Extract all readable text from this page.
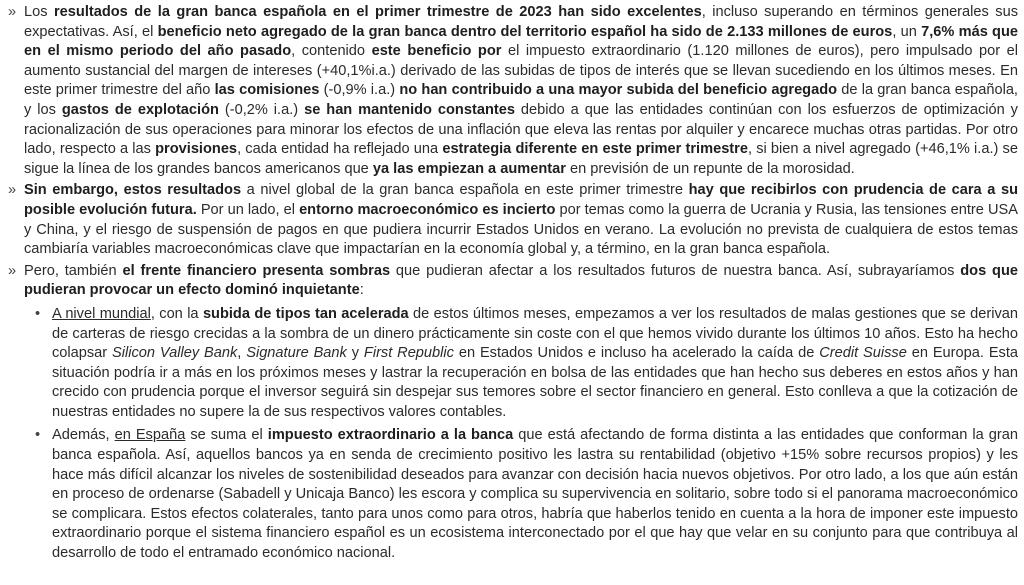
» Los resultados de la gran banca española en el primer trimestre de 2023 han sido excelentes, incluso superando en términos generales sus expectativas. Así, el beneficio neto agregado de la gran banca dentro del territorio español ha sido de 2.133 millones de euros, un 7,6% más que en el mismo periodo del año pasado, contenido este beneficio por el impuesto extraordinario (1.120 millones de euros), pero impulsado por el aumento sustancial del margen de intereses (+40,1%i.a.) derivado de las subidas de tipos de interés que se llevan sucediendo en los últimos meses. En este primer trimestre del año las comisiones (-0,9% i.a.) no han contribuido a una mayor subida del beneficio agregado de la gran banca española, y los gastos de explotación (-0,2% i.a.) se han mantenido constantes debido a que las entidades continúan con los esfuerzos de optimización y racionalización de sus operaciones para minorar los efectos de una inflación que eleva las rentas por alquiler y encarece muchas otras partidas. Por otro lado, respecto a las provisiones, cada entidad ha reflejado una estrategia diferente en este primer trimestre, si bien a nivel agregado (+46,1% i.a.) se sigue la línea de los grandes bancos americanos que ya las empiezan a aumentar en previsión de un repunte de la morosidad.

» Sin embargo, estos resultados a nivel global de la gran banca española en este primer trimestre hay que recibirlos con prudencia de cara a su posible evolución futura. Por un lado, el entorno macroeconómico es incierto por temas como la guerra de Ucrania y Rusia, las tensiones entre USA y China, y el riesgo de suspensión de pagos en que pudiera incurrir Estados Unidos en verano. La evolución no prevista de cualquiera de estos temas cambiaría variables macroeconómicas clave que impactarían en la economía global y, a término, en la gran banca española.

» Pero, también el frente financiero presenta sombras que pudieran afectar a los resultados futuros de nuestra banca. Así, subrayaríamos dos que pudieran provocar un efecto dominó inquietante:

• A nivel mundial, con la subida de tipos tan acelerada de estos últimos meses, empezamos a ver los resultados de malas gestiones que se derivan de carteras de riesgo crecidas a la sombra de un dinero prácticamente sin coste con el que hemos vivido durante los últimos 10 años. Esto ha hecho colapsar Silicon Valley Bank, Signature Bank y First Republic en Estados Unidos e incluso ha acelerado la caída de Credit Suisse en Europa. Esta situación podría ir a más en los próximos meses y lastrar la recuperación en bolsa de las entidades que han hecho sus deberes en estos años y han crecido con prudencia porque el inversor seguirá sin despejar sus temores sobre el sector financiero en general. Esto conlleva a que la cotización de nuestras entidades no supere la de sus respectivos valores contables.

• Además, en España se suma el impuesto extraordinario a la banca que está afectando de forma distinta a las entidades que conforman la gran banca española. Así, aquellos bancos ya en senda de crecimiento positivo les lastra su rentabilidad (objetivo +15% sobre recursos propios) y les hace más difícil alcanzar los niveles de sostenibilidad deseados para avanzar con decisión hacia nuevos objetivos. Por otro lado, a los que aún están en proceso de ordenarse (Sabadell y Unicaja Banco) les escora y complica su supervivencia en solitario, sobre todo si el panorama macroeconómico se complicara. Estos efectos colaterales, tanto para unos como para otros, habría que haberlos tenido en cuenta a la hora de imponer este impuesto extraordinario porque el sistema financiero español es un ecosistema interconectado por el que hay que velar en su conjunto para que contribuya al desarrollo de todo el entramado económico nacional.
